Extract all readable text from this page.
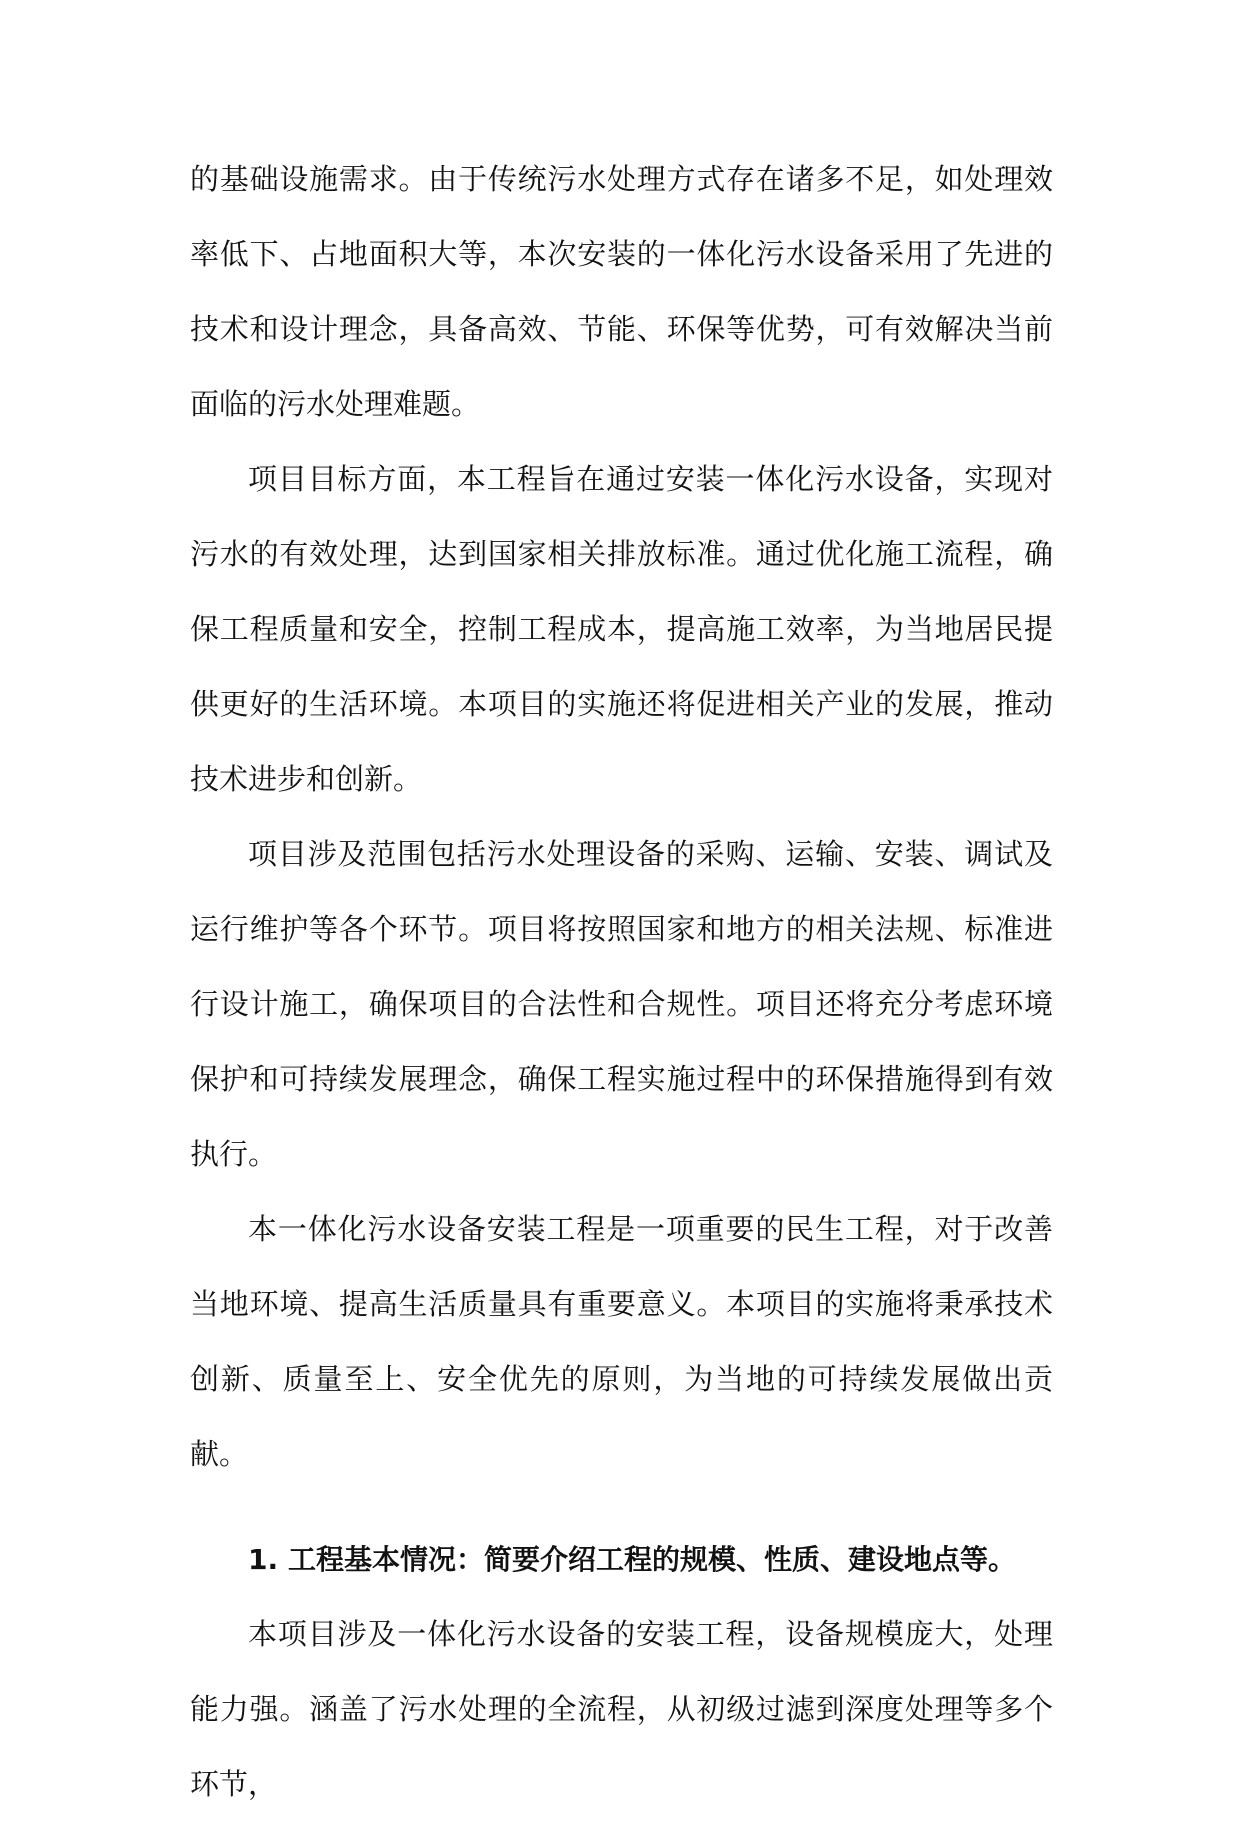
的基础设施需求。由于传统污水处理方式存在诸多不足，如处理效率低下、占地面积大等，本次安装的一体化污水设备采用了先进的技术和设计理念，具备高效、节能、环保等优势，可有效解决当前面临的污水处理难题。

项目目标方面，本工程旨在通过安装一体化污水设备，实现对污水的有效处理，达到国家相关排放标准。通过优化施工流程，确保工程质量和安全，控制工程成本，提高施工效率，为当地居民提供更好的生活环境。本项目的实施还将促进相关产业的发展，推动技术进步和创新。

项目涉及范围包括污水处理设备的采购、运输、安装、调试及运行维护等各个环节。项目将按照国家和地方的相关法规、标准进行设计施工，确保项目的合法性和合规性。项目还将充分考虑环境保护和可持续发展理念，确保工程实施过程中的环保措施得到有效执行。

本一体化污水设备安装工程是一项重要的民生工程，对于改善当地环境、提高生活质量具有重要意义。本项目的实施将秉承技术创新、质量至上、安全优先的原则，为当地的可持续发展做出贡献。

1. 工程基本情况：简要介绍工程的规模、性质、建设地点等。

本项目涉及一体化污水设备的安装工程，设备规模庞大，处理能力强。涵盖了污水处理的全流程，从初级过滤到深度处理等多个环节，
